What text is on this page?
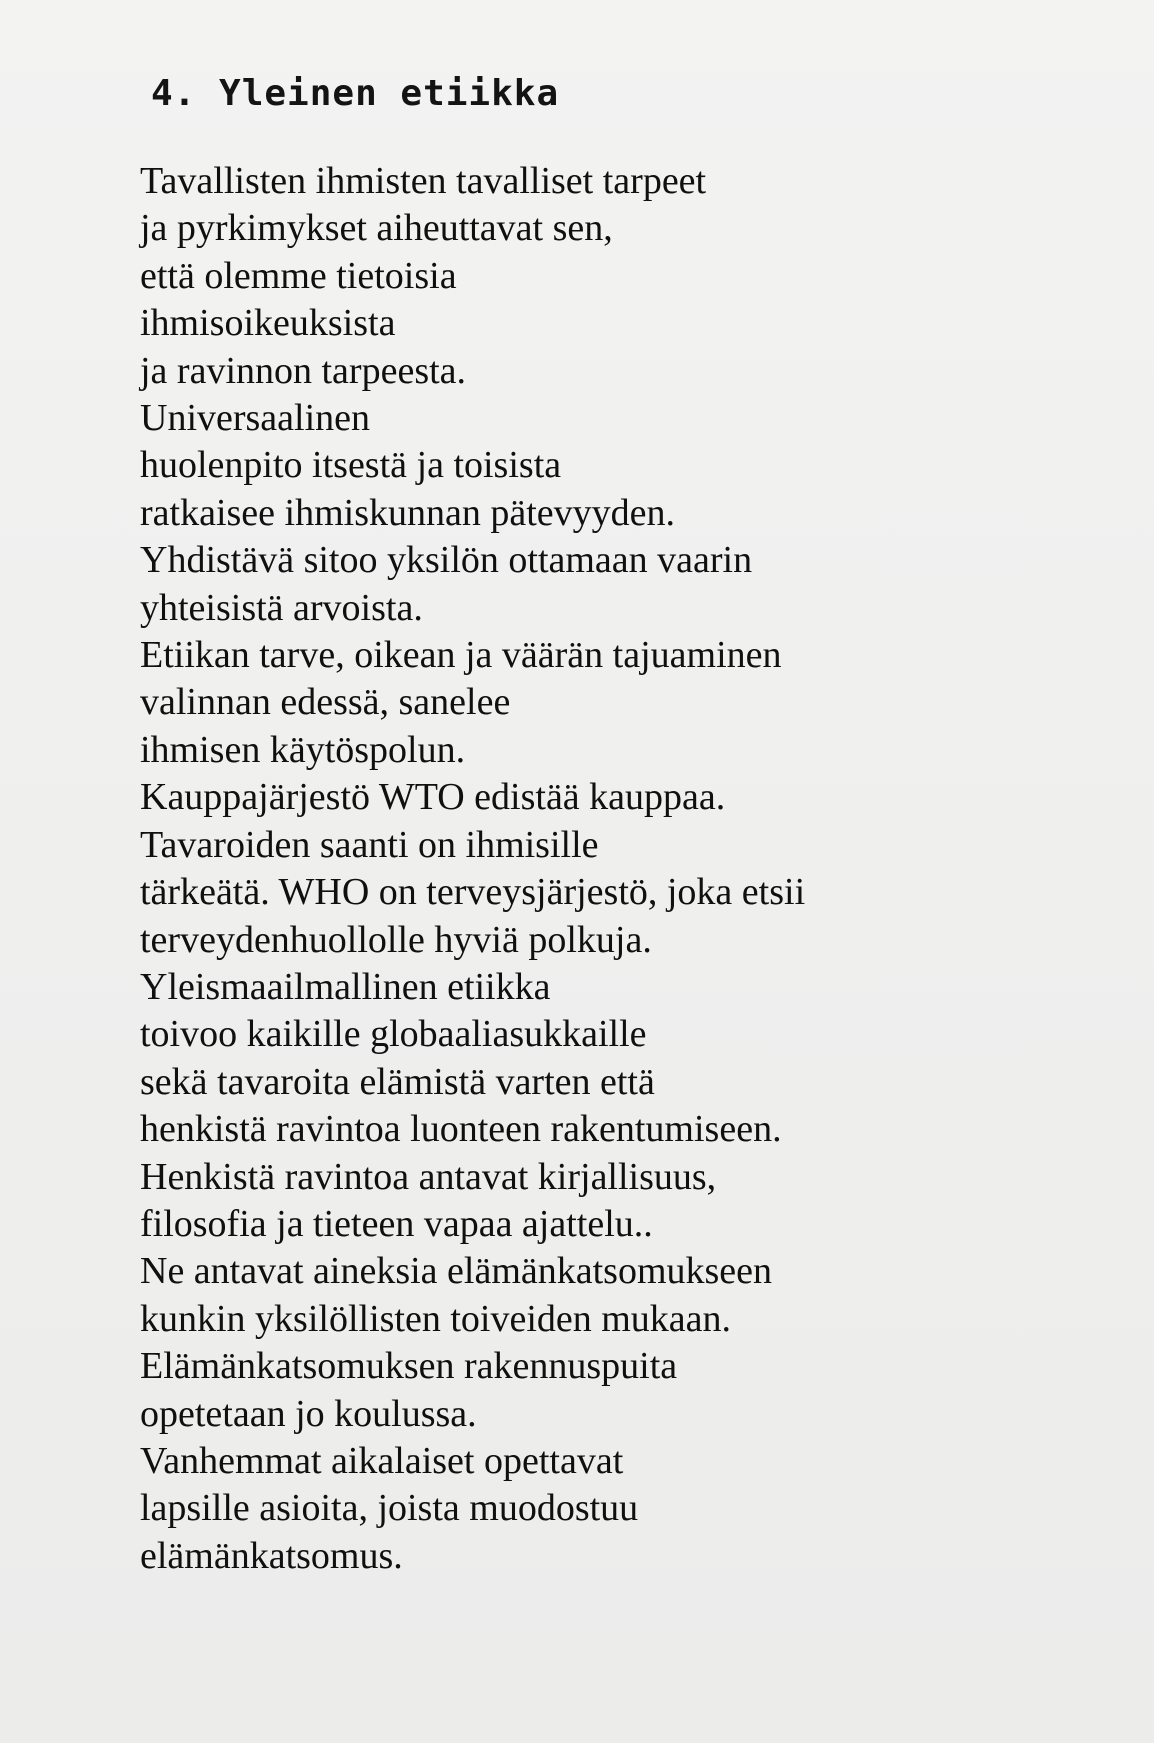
4. Yleinen etiikka
Tavallisten ihmisten tavalliset tarpeet
ja pyrkimykset aiheuttavat sen,
että olemme tietoisia
ihmisoikeuksista
ja ravinnon tarpeesta.
Universaalinen
huolenpito itsestä ja toisista
ratkaisee ihmiskunnan pätevyyden.
Yhdistävä sitoo yksilön ottamaan vaarin
yhteisistä arvoista.
Etiikan tarve, oikean ja väärän tajuaminen
valinnan edessä, sanelee
ihmisen käytöspolun.
Kauppajärjestö WTO edistää kauppaa.
Tavaroiden saanti on ihmisille
tärkeätä. WHO on terveysjärjestö, joka etsii
terveydenhuollolle hyviä polkuja.
Yleismaailmallinen etiikka
toivoo kaikille globaaliasukkaille
sekä tavaroita elämistä varten että
henkistä ravintoa luonteen rakentumiseen.
Henkistä ravintoa antavat kirjallisuus,
filosofia ja tieteen vapaa ajattelu..
Ne antavat aineksia elämänkatsomukseen
kunkin yksilöllisten toiveiden mukaan.
Elämänkatsomuksen rakennuspuita
opetetaan jo koulussa.
Vanhemmat aikalaiset opettavat
lapsille asioita, joista muodostuu
elämänkatsomus.
